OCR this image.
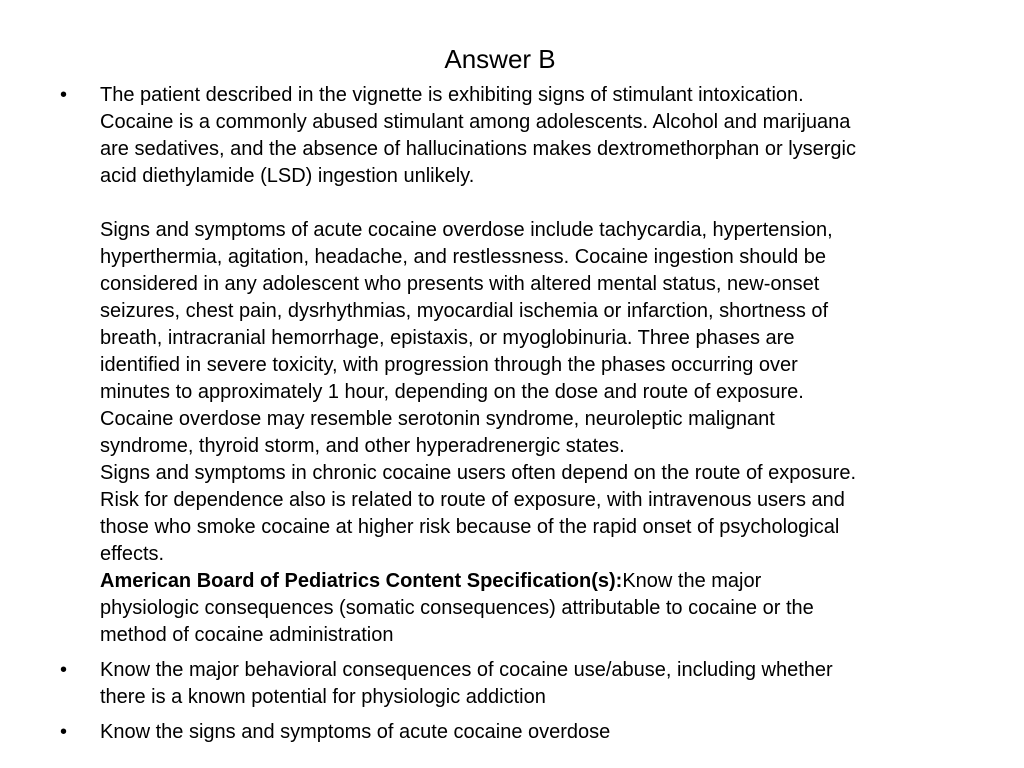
Answer B
• The patient described in the vignette is exhibiting signs of stimulant intoxication.
Cocaine is a commonly abused stimulant among adolescents. Alcohol and marijuana
are sedatives, and the absence of hallucinations makes dextromethorphan or lysergic
acid diethylamide (LSD) ingestion unlikely.
Signs and symptoms of acute cocaine overdose include tachycardia, hypertension,
hyperthermia, agitation, headache, and restlessness. Cocaine ingestion should be
considered in any adolescent who presents with altered mental status, new-onset
seizures, chest pain, dysrhythmias, myocardial ischemia or infarction, shortness of
breath, intracranial hemorrhage, epistaxis, or myoglobinuria. Three phases are
identified in severe toxicity, with progression through the phases occurring over
minutes to approximately 1 hour, depending on the dose and route of exposure.
Cocaine overdose may resemble serotonin syndrome, neuroleptic malignant
syndrome, thyroid storm, and other hyperadrenergic states.
Signs and symptoms in chronic cocaine users often depend on the route of exposure.
Risk for dependence also is related to route of exposure, with intravenous users and
those who smoke cocaine at higher risk because of the rapid onset of psychological
effects.
American Board of Pediatrics Content Specification(s):Know the major
physiologic consequences (somatic consequences) attributable to cocaine or the
method of cocaine administration
• Know the major behavioral consequences of cocaine use/abuse, including whether
there is a known potential for physiologic addiction
• Know the signs and symptoms of acute cocaine overdose
